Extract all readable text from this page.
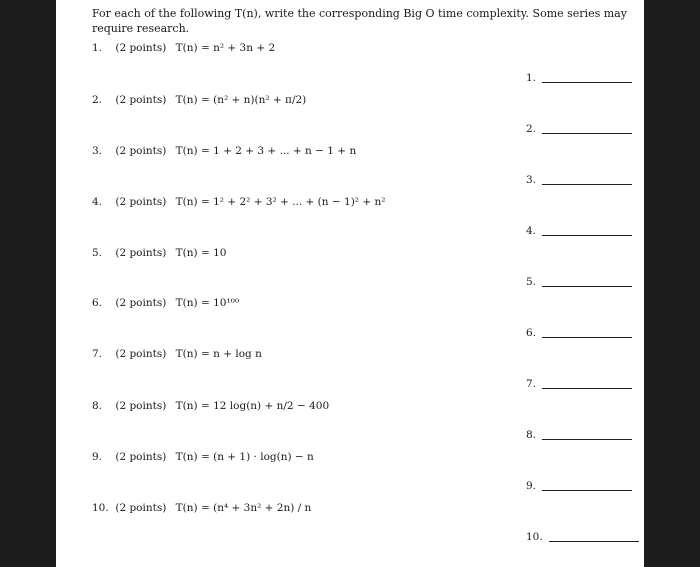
For each of the following T(n), write the corresponding Big O time complexity. Some series may require research.
1. (2 points) T(n) = n² + 3n + 2
1.
2. (2 points) T(n) = (n² + n)(n² + π/2)
2.
3. (2 points) T(n) = 1 + 2 + 3 + ... + n − 1 + n
3.
4. (2 points) T(n) = 1² + 2² + 3² + ... + (n − 1)² + n²
4.
5. (2 points) T(n) = 10
5.
6. (2 points) T(n) = 10¹⁰⁰
6.
7. (2 points) T(n) = n + log n
7.
8. (2 points) T(n) = 12 log(n) + n/2 − 400
8.
9. (2 points) T(n) = (n + 1) · log(n) − n
9.
10. (2 points) T(n) = (n⁴ + 3n² + 2n) / n
10.
